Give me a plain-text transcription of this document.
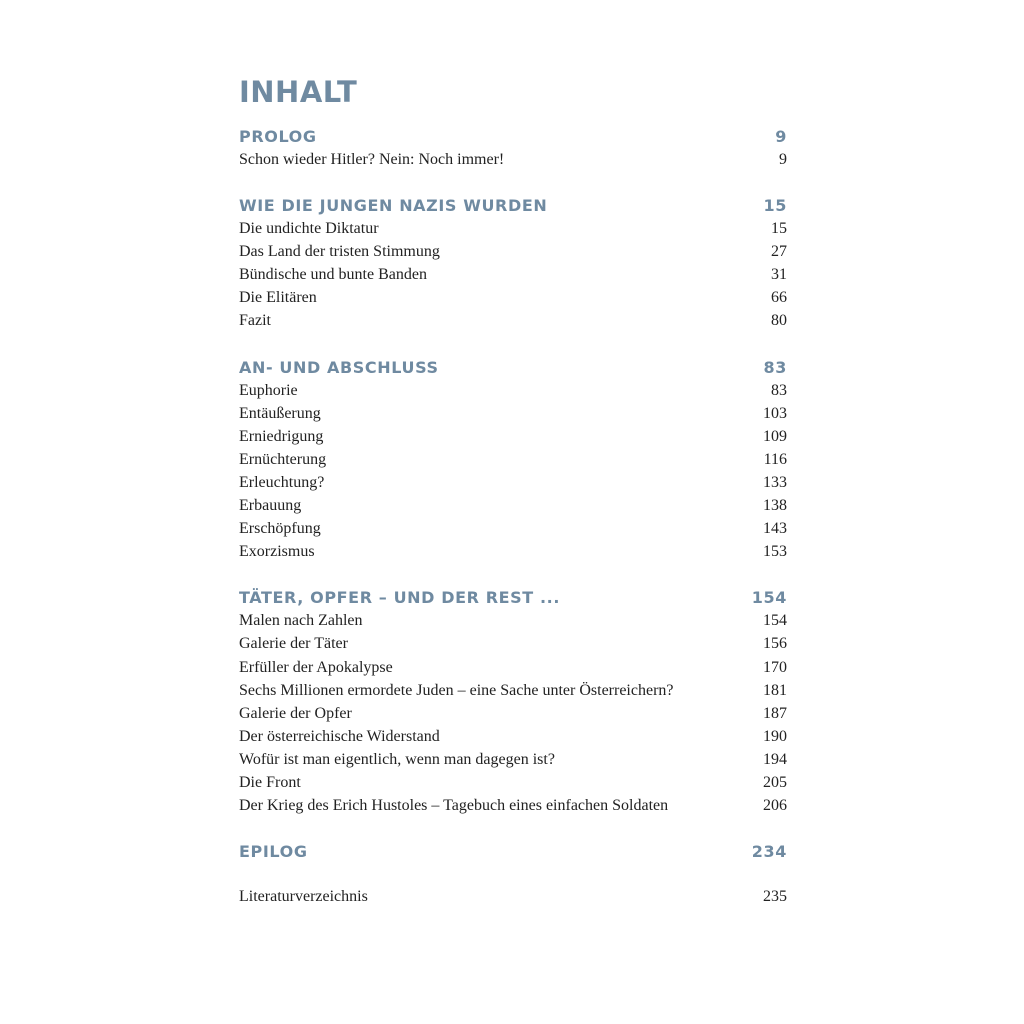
INHALT
PROLOG	9
Schon wieder Hitler? Nein: Noch immer!	9
WIE DIE JUNGEN NAZIS WURDEN	15
Die undichte Diktatur	15
Das Land der tristen Stimmung	27
Bündische und bunte Banden	31
Die Elitären	66
Fazit	80
AN- UND ABSCHLUSS	83
Euphorie	83
Entäußerung	103
Erniedrigung	109
Ernüchterung	116
Erleuchtung?	133
Erbauung	138
Erschöpfung	143
Exorzismus	153
TÄTER, OPFER – UND DER REST ...	154
Malen nach Zahlen	154
Galerie der Täter	156
Erfüller der Apokalypse	170
Sechs Millionen ermordete Juden – eine Sache unter Österreichern?	181
Galerie der Opfer	187
Der österreichische Widerstand	190
Wofür ist man eigentlich, wenn man dagegen ist?	194
Die Front	205
Der Krieg des Erich Hustoles – Tagebuch eines einfachen Soldaten	206
EPILOG	234
Literaturverzeichnis	235
